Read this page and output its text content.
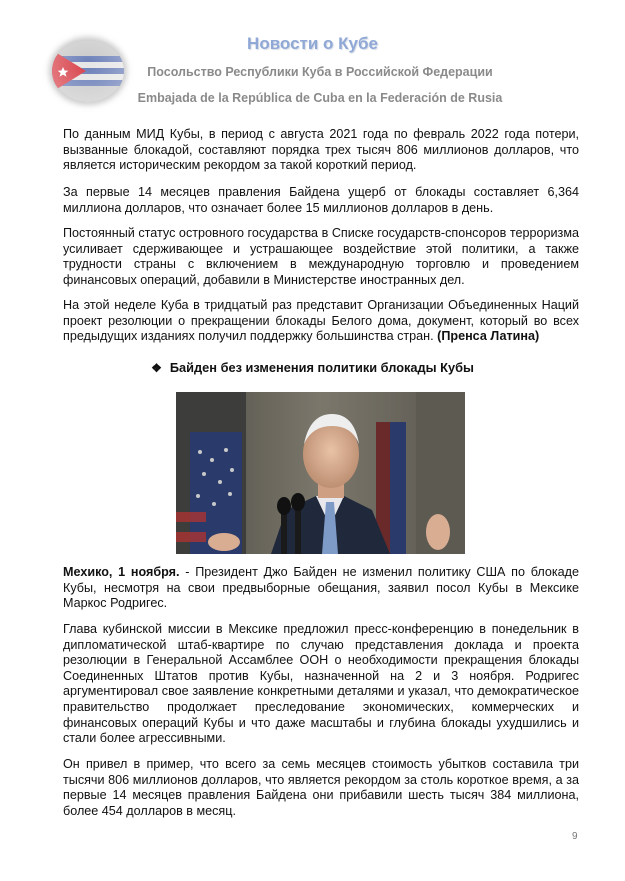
Новости о Кубе
Посольство Республики Куба в Российской Федерации
Embajada de la República de Cuba en la Federación de Rusia

По данным МИД Кубы, в период с августа 2021 года по февраль 2022 года потери, вызванные блокадой, составляют порядка трех тысяч 806 миллионов долларов, что является историческим рекордом за такой короткий период.

За первые 14 месяцев правления Байдена ущерб от блокады составляет 6,364 миллиона долларов, что означает более 15 миллионов долларов в день.

Постоянный статус островного государства в Списке государств-спонсоров терроризма усиливает сдерживающее и устрашающее воздействие этой политики, а также трудности страны с включением в международную торговлю и проведением финансовых операций, добавили в Министерстве иностранных дел.

На этой неделе Куба в тридцатый раз представит Организации Объединенных Наций проект резолюции о прекращении блокады Белого дома, документ, который во всех предыдущих изданиях получил поддержку большинства стран. (Пренса Латина)

❖ Байден без изменения политики блокады Кубы

Мехико, 1 ноября. - Президент Джо Байден не изменил политику США по блокаде Кубы, несмотря на свои предвыборные обещания, заявил посол Кубы в Мексике Маркос Родригес.

Глава кубинской миссии в Мексике предложил пресс-конференцию в понедельник в дипломатической штаб-квартире по случаю представления доклада и проекта резолюции в Генеральной Ассамблее ООН о необходимости прекращения блокады Соединенных Штатов против Кубы, назначенной на 2 и 3 ноября. Родригес аргументировал свое заявление конкретными деталями и указал, что демократическое правительство продолжает преследование экономических, коммерческих и финансовых операций Кубы и что даже масштабы и глубина блокады ухудшились и стали более агрессивными.

Он привел в пример, что всего за семь месяцев стоимость убытков составила три тысячи 806 миллионов долларов, что является рекордом за столь короткое время, а за первые 14 месяцев правления Байдена они прибавили шесть тысяч 384 миллиона, более 454 долларов в месяц.

9
